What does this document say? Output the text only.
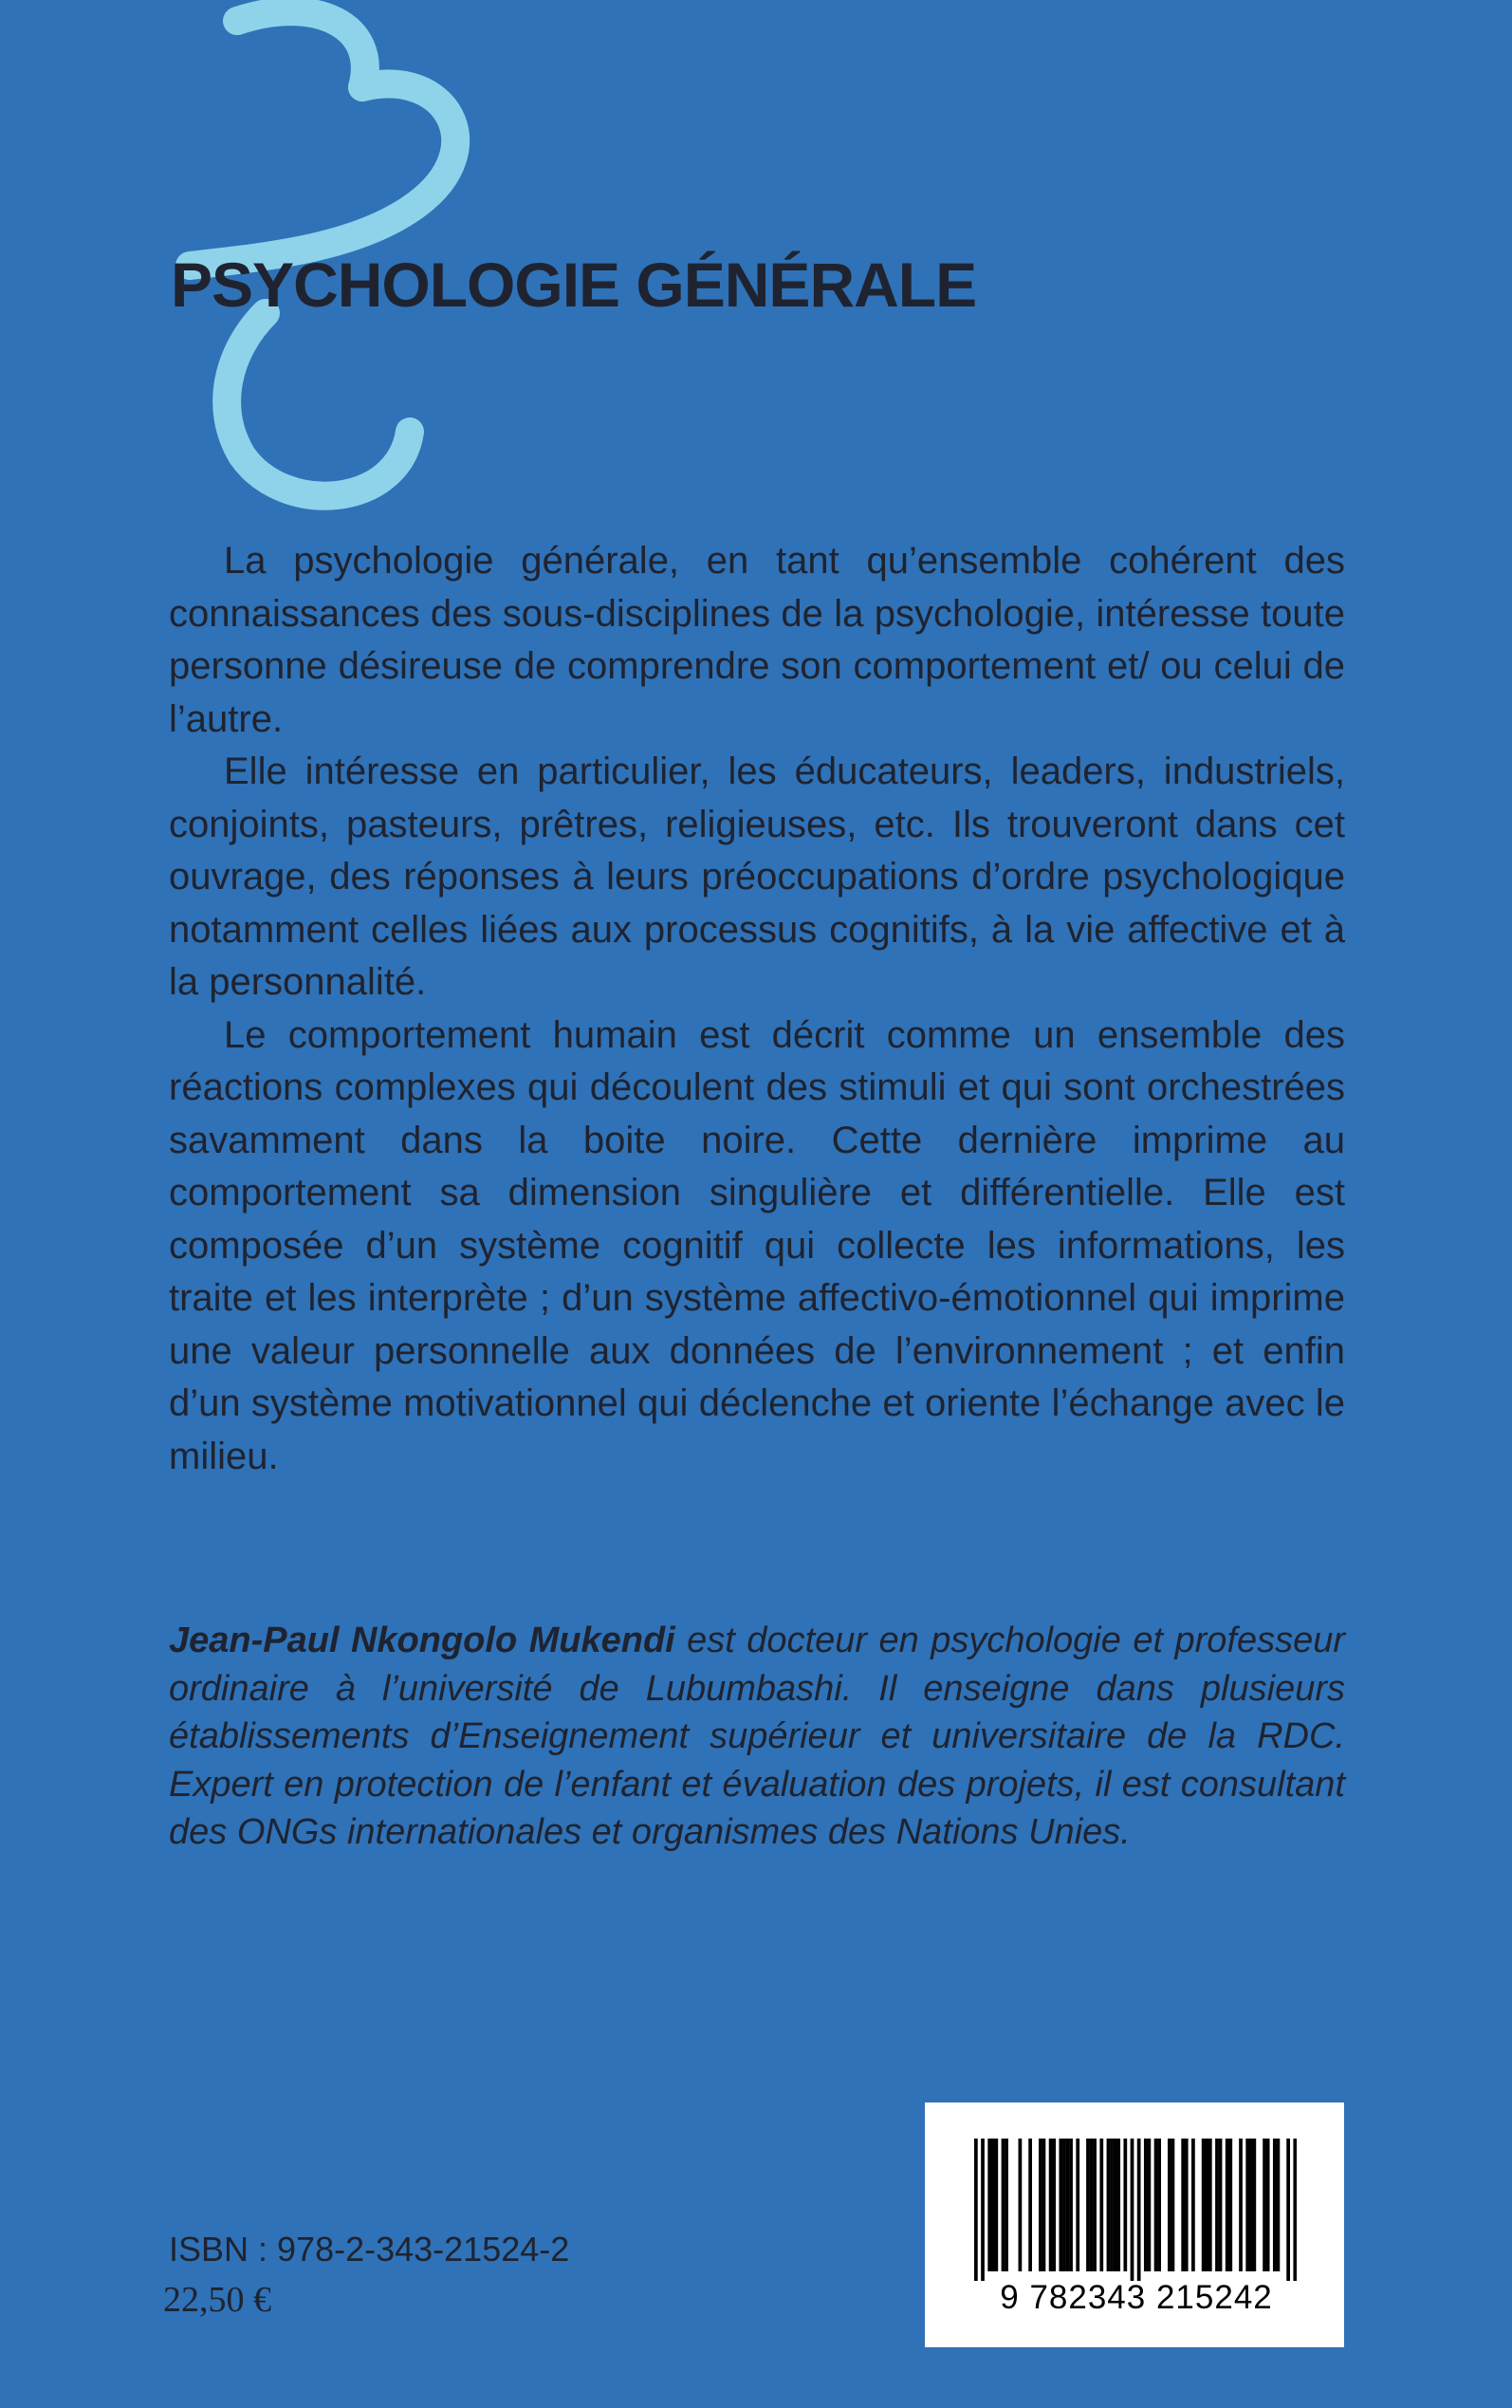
PSYCHOLOGIE GÉNÉRALE

La psychologie générale, en tant qu’ensemble cohérent des connaissances des sous-disciplines de la psychologie, intéresse toute personne désireuse de comprendre son comportement et/ ou celui de l’autre.

Elle intéresse en particulier, les éducateurs, leaders, industriels, conjoints, pasteurs, prêtres, religieuses, etc. Ils trouveront dans cet ouvrage, des réponses à leurs préoccupations d’ordre psychologique notamment celles liées aux processus cognitifs, à la vie affective et à la personnalité.

Le comportement humain est décrit comme un ensemble des réactions complexes qui découlent des stimuli et qui sont orchestrées savamment dans la boite noire. Cette dernière imprime au comportement sa dimension singulière et différentielle. Elle est composée d’un système cognitif qui collecte les informations, les traite et les interprète ; d’un système affectivo-émotionnel qui imprime une valeur personnelle aux données de l’environnement ; et enfin d’un système motivationnel qui déclenche et oriente l’échange avec le milieu.

Jean-Paul Nkongolo Mukendi est docteur en psychologie et professeur ordinaire à l’université de Lubumbashi. Il enseigne dans plusieurs établissements d’Enseignement supérieur et universitaire de la RDC. Expert en protection de l’enfant et évaluation des projets, il est consultant des ONGs internationales et organismes des Nations Unies.

ISBN : 978-2-343-21524-2
22,50 €	9 782343 215242
